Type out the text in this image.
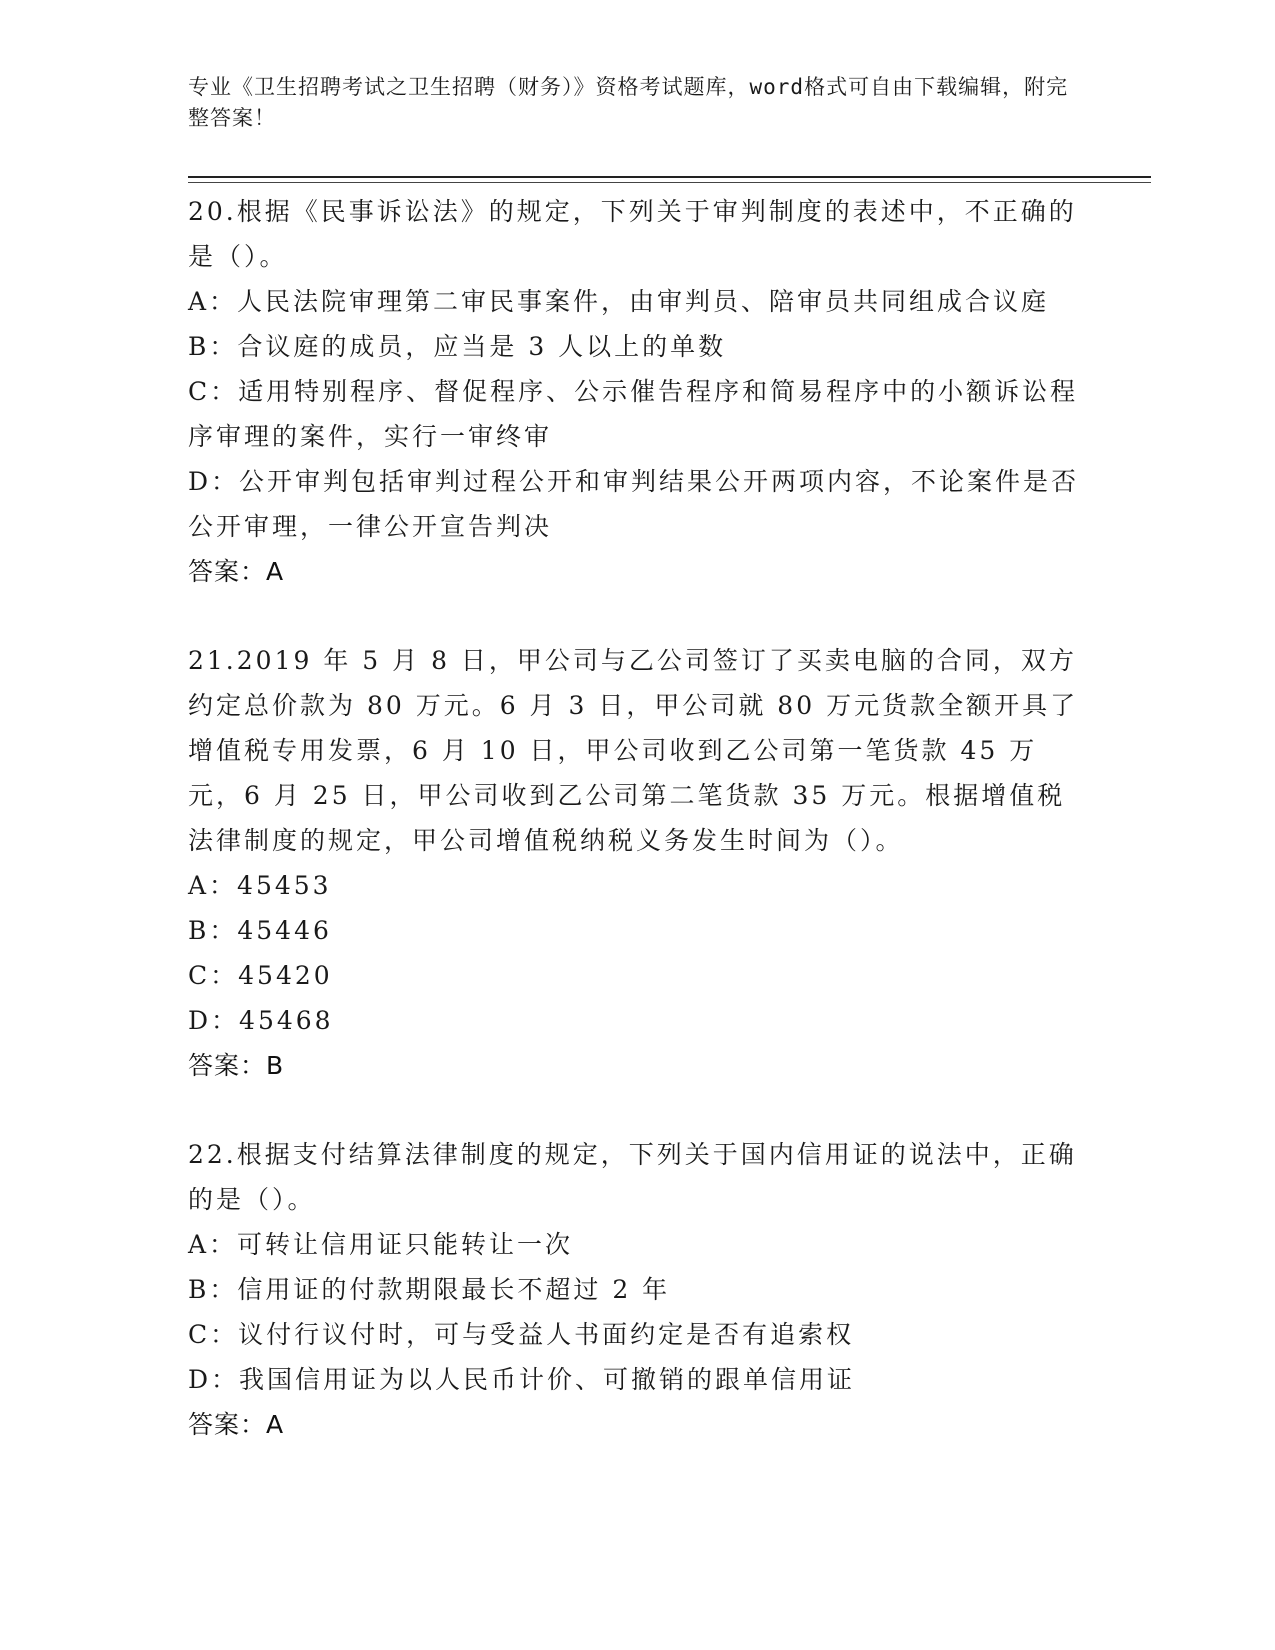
专业《卫生招聘考试之卫生招聘（财务）》资格考试题库，word格式可自由下载编辑，附完整答案！

20.根据《民事诉讼法》的规定，下列关于审判制度的表述中，不正确的是（）。

A：人民法院审理第二审民事案件，由审判员、陪审员共同组成合议庭

B：合议庭的成员，应当是 3 人以上的单数

C：适用特别程序、督促程序、公示催告程序和简易程序中的小额诉讼程序审理的案件，实行一审终审

D：公开审判包括审判过程公开和审判结果公开两项内容，不论案件是否公开审理，一律公开宣告判决

答案：A

21.2019 年 5 月 8 日，甲公司与乙公司签订了买卖电脑的合同，双方约定总价款为 80 万元。6 月 3 日，甲公司就 80 万元货款全额开具了增值税专用发票，6 月 10 日，甲公司收到乙公司第一笔货款 45 万元，6 月 25 日，甲公司收到乙公司第二笔货款 35 万元。根据增值税法律制度的规定，甲公司增值税纳税义务发生时间为（）。

A：45453

B：45446

C：45420

D：45468

答案：B

22.根据支付结算法律制度的规定，下列关于国内信用证的说法中，正确的是（）。

A：可转让信用证只能转让一次

B：信用证的付款期限最长不超过 2 年

C：议付行议付时，可与受益人书面约定是否有追索权

D：我国信用证为以人民币计价、可撤销的跟单信用证

答案：A
